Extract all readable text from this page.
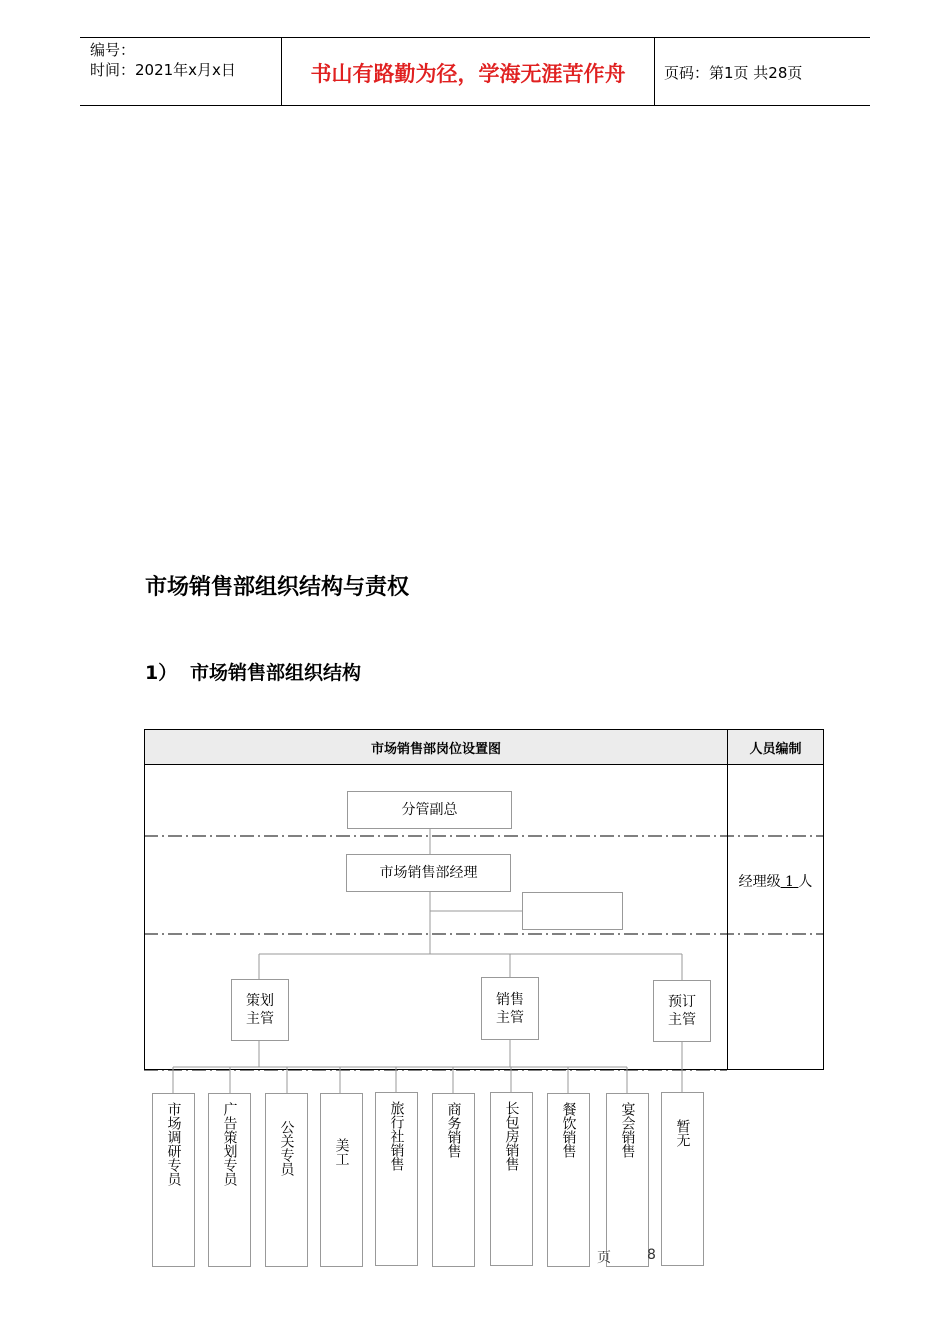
编号：
时间：2021年x月x日	书山有路勤为径，学海无涯苦作舟	页码：第1页 共28页
市场销售部组织结构与责权
1） 市场销售部组织结构
市场销售部岗位设置图	人员编制
分管副总
市场销售部经理
策划
主管
销售
主管
预订
主管
经理级 1 人
市场调研专员	广告策划专员	公关专员	美工	旅行社销售	商务销售	长包房销售	餐饮销售	宴会销售	暂无
页	8
